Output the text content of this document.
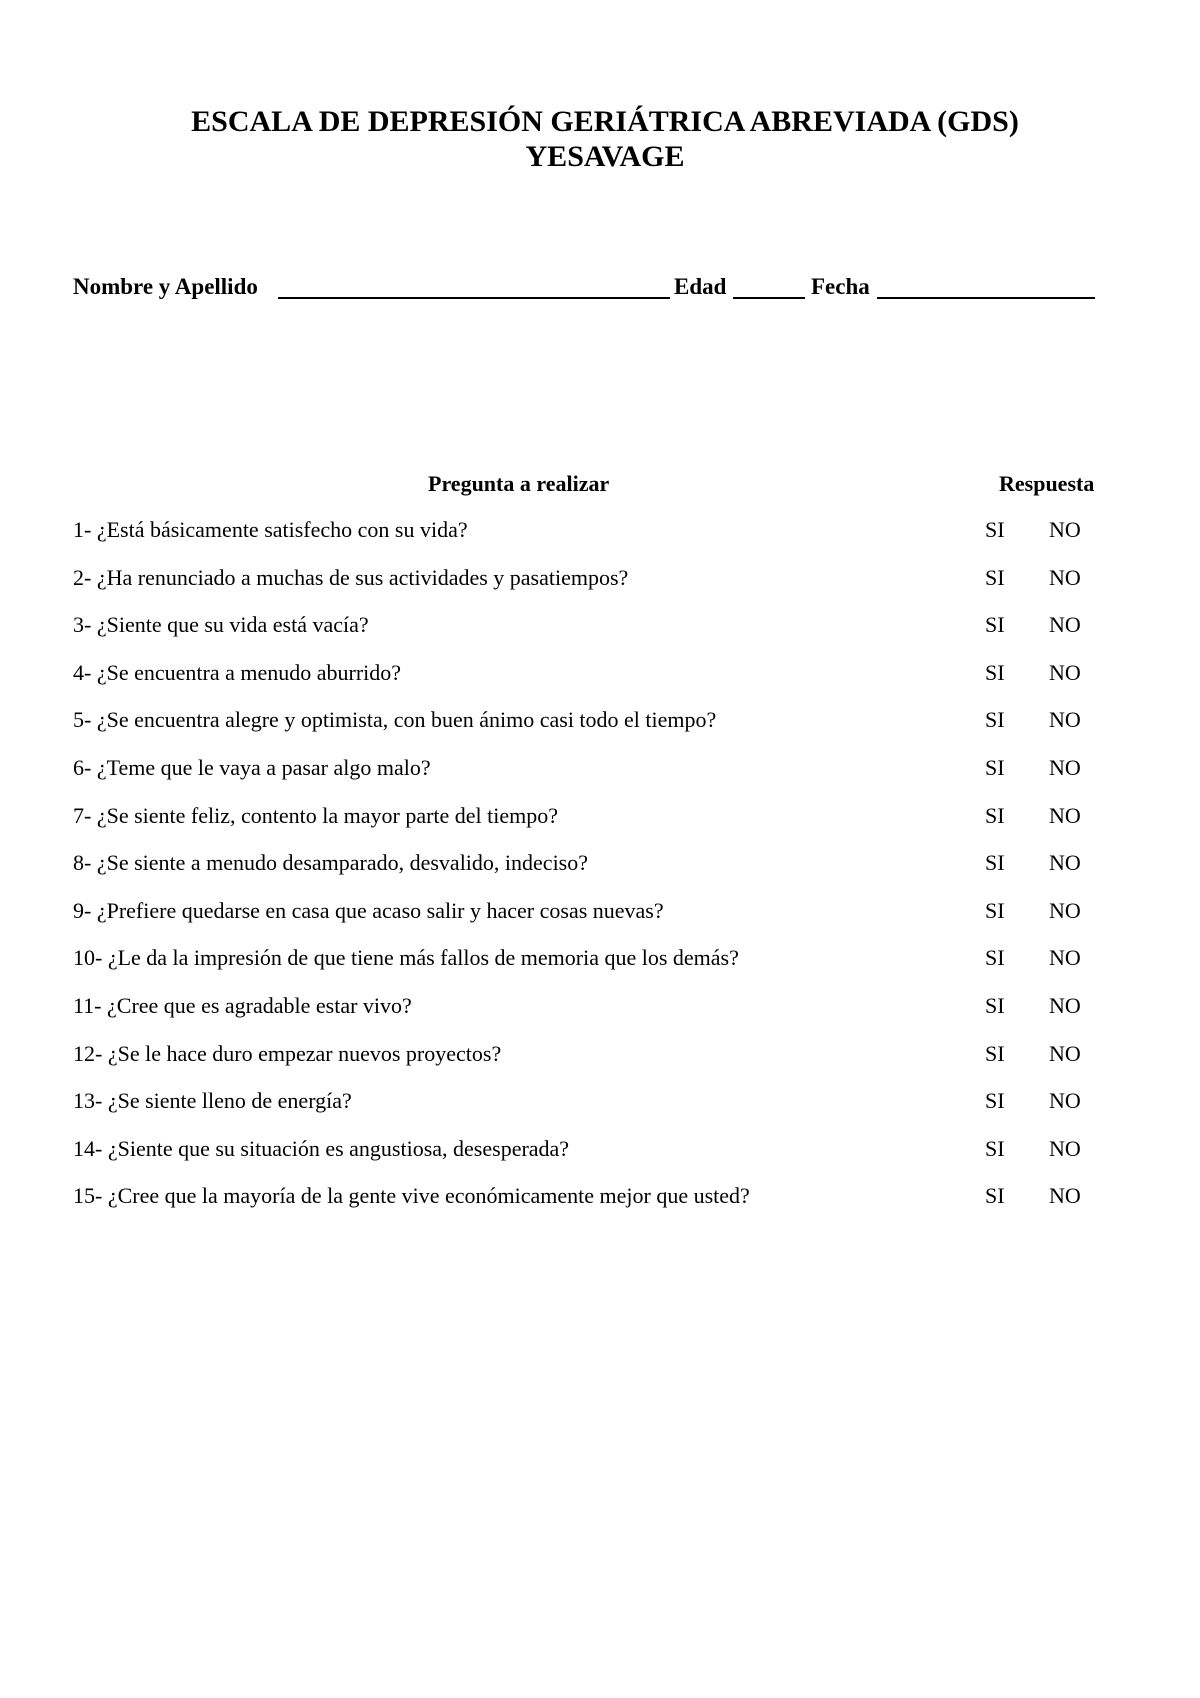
ESCALA DE DEPRESIÓN GERIÁTRICA ABREVIADA (GDS)
YESAVAGE
Nombre y Apellido	Edad	Fecha
Pregunta a realizar	Respuesta
1- ¿Está básicamente satisfecho con su vida?	SI NO
2- ¿Ha renunciado a muchas de sus actividades y pasatiempos?	SI NO
3- ¿Siente que su vida está vacía?	SI NO
4- ¿Se encuentra a menudo aburrido?	SI NO
5- ¿Se encuentra alegre y optimista, con buen ánimo casi todo el tiempo?	SI NO
6- ¿Teme que le vaya a pasar algo malo?	SI NO
7- ¿Se siente feliz, contento la mayor parte del tiempo?	SI NO
8- ¿Se siente a menudo desamparado, desvalido, indeciso?	SI NO
9- ¿Prefiere quedarse en casa que acaso salir y hacer cosas nuevas?	SI NO
10- ¿Le da la impresión de que tiene más fallos de memoria que los demás?	SI NO
11- ¿Cree que es agradable estar vivo?	SI NO
12- ¿Se le hace duro empezar nuevos proyectos?	SI NO
13- ¿Se siente lleno de energía?	SI NO
14- ¿Siente que su situación es angustiosa, desesperada?	SI NO
15- ¿Cree que la mayoría de la gente vive económicamente mejor que usted?	SI NO
